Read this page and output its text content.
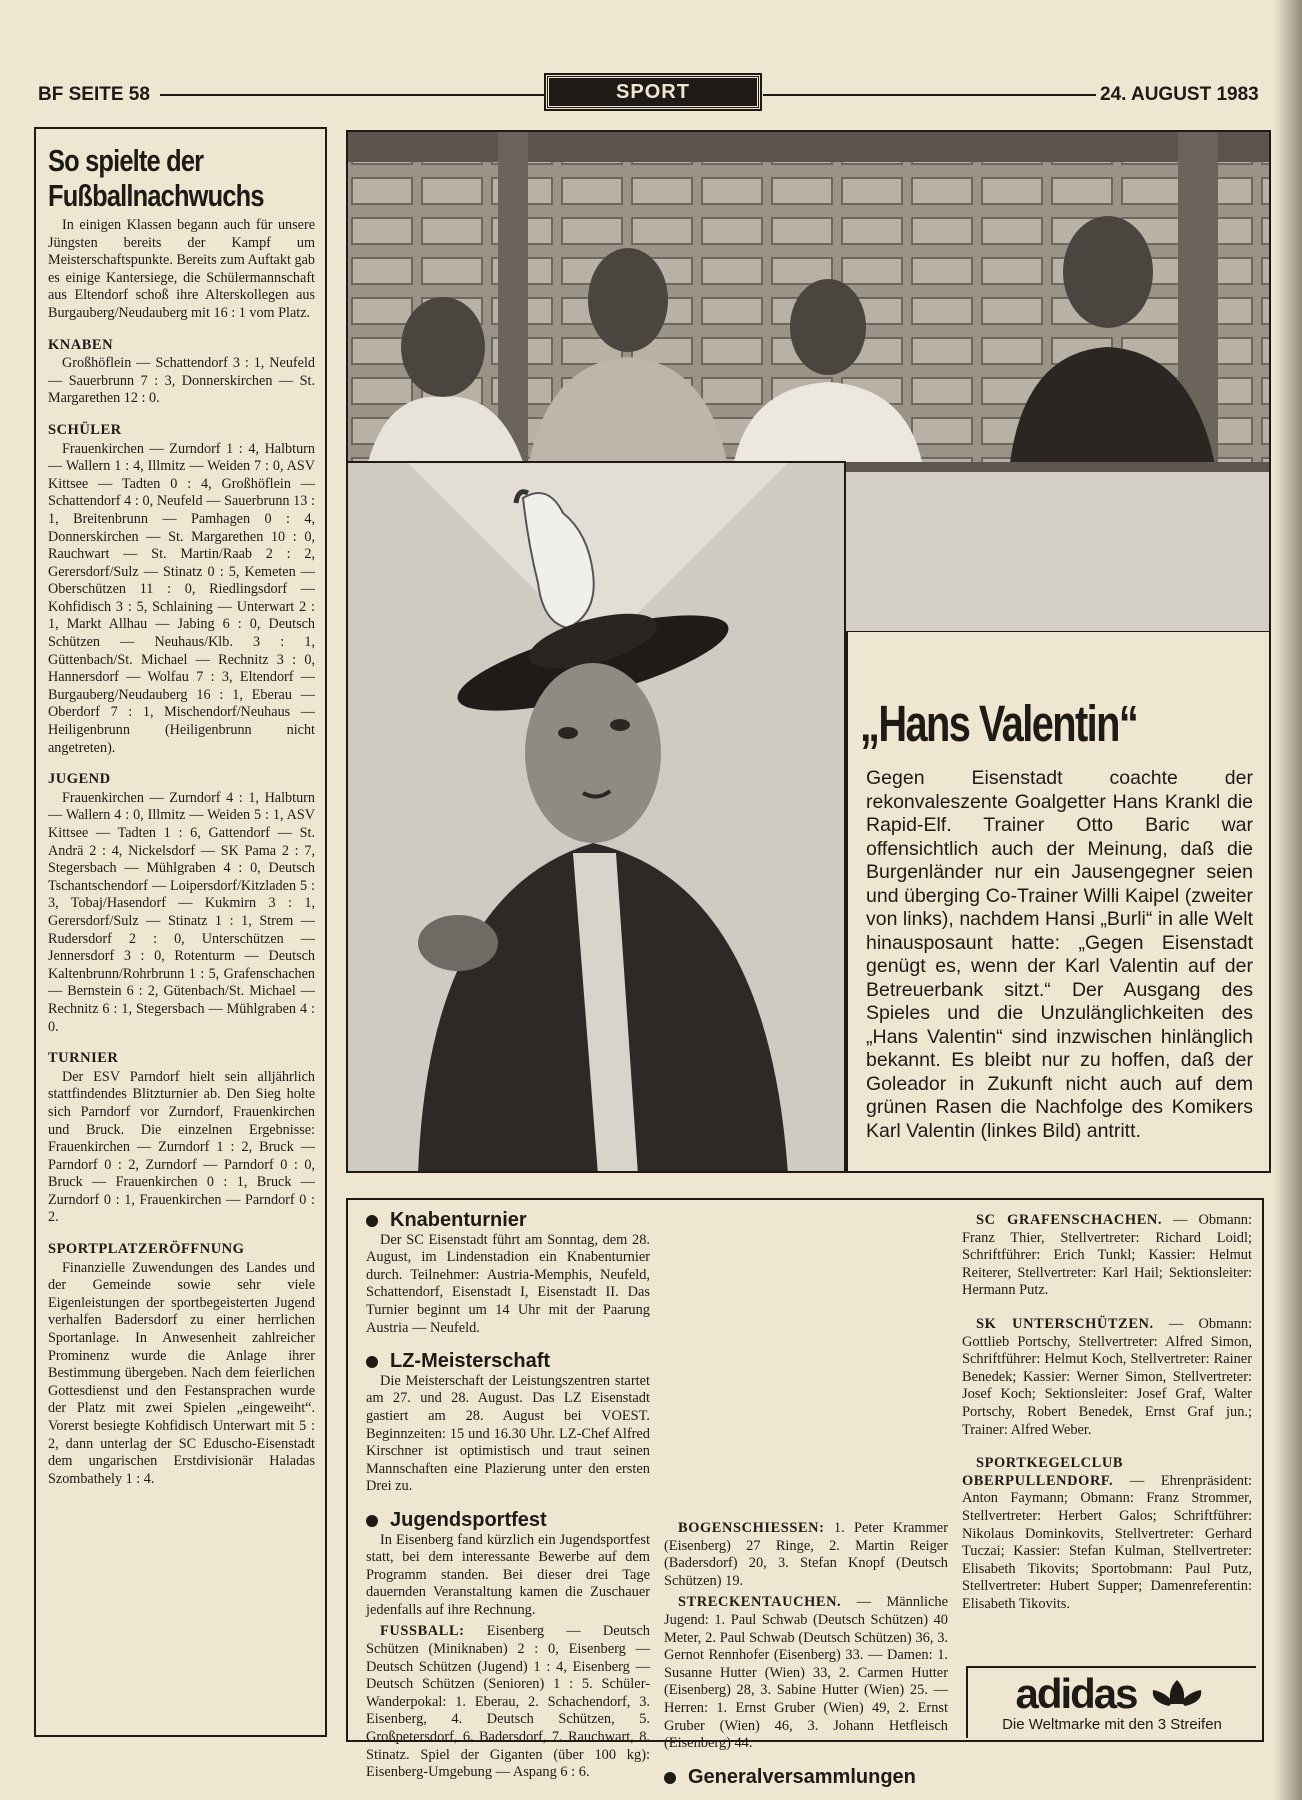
BF SEITE 58	SPORT	24. AUGUST 1983
So spielte der
Fußballnachwuchs

In einigen Klassen begann auch für unsere Jüngsten bereits der Kampf um Meisterschaftspunkte. Bereits zum Auftakt gab es einige Kantersiege, die Schülermannschaft aus Eltendorf schoß ihre Alterskollegen aus Burgauberg/Neudauberg mit 16 : 1 vom Platz.

KNABEN

Großhöflein — Schattendorf 3 : 1, Neufeld — Sauerbrunn 7 : 3, Donnerskirchen — St. Margarethen 12 : 0.

SCHÜLER

Frauenkirchen — Zurndorf 1 : 4, Halbturn — Wallern 1 : 4, Illmitz — Weiden 7 : 0, ASV Kittsee — Tadten 0 : 4, Großhöflein — Schattendorf 4 : 0, Neufeld — Sauerbrunn 13 : 1, Breitenbrunn — Pamhagen 0 : 4, Donnerskirchen — St. Margarethen 10 : 0, Rauchwart — St. Martin/Raab 2 : 2, Gerersdorf/Sulz — Stinatz 0 : 5, Kemeten — Oberschützen 11 : 0, Riedlingsdorf — Kohfidisch 3 : 5, Schlaining — Unterwart 2 : 1, Markt Allhau — Jabing 6 : 0, Deutsch Schützen — Neuhaus/Klb. 3 : 1, Güttenbach/St. Michael — Rechnitz 3 : 0, Hannersdorf — Wolfau 7 : 3, Eltendorf — Burgauberg/Neudauberg 16 : 1, Eberau — Oberdorf 7 : 1, Mischendorf/Neuhaus — Heiligenbrunn (Heiligenbrunn nicht angetreten).

JUGEND

Frauenkirchen — Zurndorf 4 : 1, Halbturn — Wallern 4 : 0, Illmitz — Weiden 5 : 1, ASV Kittsee — Tadten 1 : 6, Gattendorf — St. Andrä 2 : 4, Nickelsdorf — SK Pama 2 : 7, Stegersbach — Mühlgraben 4 : 0, Deutsch Tschantschendorf — Loipersdorf/Kitzladen 5 : 3, Tobaj/Hasendorf — Kukmirn 3 : 1, Gerersdorf/Sulz — Stinatz 1 : 1, Strem — Rudersdorf 2 : 0, Unterschützen — Jennersdorf 3 : 0, Rotenturm — Deutsch Kaltenbrunn/Rohrbrunn 1 : 5, Grafenschachen — Bernstein 6 : 2, Gütenbach/St. Michael — Rechnitz 6 : 1, Stegersbach — Mühlgraben 4 : 0.

TURNIER

Der ESV Parndorf hielt sein alljährlich stattfindendes Blitzturnier ab. Den Sieg holte sich Parndorf vor Zurndorf, Frauenkirchen und Bruck. Die einzelnen Ergebnisse: Frauenkirchen — Zurndorf 1 : 2, Bruck — Parndorf 0 : 2, Zurndorf — Parndorf 0 : 0, Bruck — Frauenkirchen 0 : 1, Bruck — Zurndorf 0 : 1, Frauenkirchen — Parndorf 0 : 2.

SPORTPLATZERÖFFNUNG

Finanzielle Zuwendungen des Landes und der Gemeinde sowie sehr viele Eigenleistungen der sportbegeisterten Jugend verhalfen Badersdorf zu einer herrlichen Sportanlage. In Anwesenheit zahlreicher Prominenz wurde die Anlage ihrer Bestimmung übergeben. Nach dem feierlichen Gottesdienst und den Festansprachen wurde der Platz mit zwei Spielen „eingeweiht“. Vorerst besiegte Kohfidisch Unterwart mit 5 : 2, dann unterlag der SC Eduscho-Eisenstadt dem ungarischen Erstdivisionär Haladas Szombathely 1 : 4.

„Hans Valentin“

Gegen Eisenstadt coachte der rekonvaleszente Goalgetter Hans Krankl die Rapid-Elf. Trainer Otto Baric war offensichtlich auch der Meinung, daß die Burgenländer nur ein Jausengegner seien und überging Co-Trainer Willi Kaipel (zweiter von links), nachdem Hansi „Burli“ in alle Welt hinausposaunt hatte: „Gegen Eisenstadt genügt es, wenn der Karl Valentin auf der Betreuerbank sitzt.“ Der Ausgang des Spieles und die Unzulänglichkeiten des „Hans Valentin“ sind inzwischen hinlänglich bekannt. Es bleibt nur zu hoffen, daß der Goleador in Zukunft nicht auch auf dem grünen Rasen die Nachfolge des Komikers Karl Valentin (linkes Bild) antritt.

Knabenturnier

Der SC Eisenstadt führt am Sonntag, dem 28. August, im Lindenstadion ein Knabenturnier durch. Teilnehmer: Austria-Memphis, Neufeld, Schattendorf, Eisenstadt I, Eisenstadt II. Das Turnier beginnt um 14 Uhr mit der Paarung Austria — Neufeld.

LZ-Meisterschaft

Die Meisterschaft der Leistungszentren startet am 27. und 28. August. Das LZ Eisenstadt gastiert am 28. August bei VOEST. Beginnzeiten: 15 und 16.30 Uhr. LZ-Chef Alfred Kirschner ist optimistisch und traut seinen Mannschaften eine Plazierung unter den ersten Drei zu.

Jugendsportfest

In Eisenberg fand kürzlich ein Jugendsportfest statt, bei dem interessante Bewerbe auf dem Programm standen. Bei dieser drei Tage dauernden Veranstaltung kamen die Zuschauer jedenfalls auf ihre Rechnung.

FUSSBALL: Eisenberg — Deutsch Schützen (Miniknaben) 2 : 0, Eisenberg — Deutsch Schützen (Jugend) 1 : 4, Eisenberg — Deutsch Schützen (Senioren) 1 : 5. Schüler-Wanderpokal: 1. Eberau, 2. Schachendorf, 3. Eisenberg, 4. Deutsch Schützen, 5. Großpetersdorf, 6. Badersdorf, 7. Rauchwart, 8. Stinatz. Spiel der Giganten (über 100 kg): Eisenberg-Umgebung — Aspang 6 : 6.

BOGENSCHIESSEN: 1. Peter Krammer (Eisenberg) 27 Ringe, 2. Martin Reiger (Badersdorf) 20, 3. Stefan Knopf (Deutsch Schützen) 19.

STRECKENTAUCHEN. — Männliche Jugend: 1. Paul Schwab (Deutsch Schützen) 40 Meter, 2. Paul Schwab (Deutsch Schützen) 36, 3. Gernot Rennhofer (Eisenberg) 33. — Damen: 1. Susanne Hutter (Wien) 33, 2. Carmen Hutter (Eisenberg) 28, 3. Sabine Hutter (Wien) 25. — Herren: 1. Ernst Gruber (Wien) 49, 2. Ernst Gruber (Wien) 46, 3. Johann Hetfleisch (Eisenberg) 44.

Generalversammlungen

SC GRAFENSCHACHEN. — Obmann: Franz Thier, Stellvertreter: Richard Loidl; Schriftführer: Erich Tunkl; Kassier: Helmut Reiterer, Stellvertreter: Karl Hail; Sektionsleiter: Hermann Putz.

SK UNTERSCHÜTZEN. — Obmann: Gottlieb Portschy, Stellvertreter: Alfred Simon, Schriftführer: Helmut Koch, Stellvertreter: Rainer Benedek; Kassier: Werner Simon, Stellvertreter: Josef Koch; Sektionsleiter: Josef Graf, Walter Portschy, Robert Benedek, Ernst Graf jun.; Trainer: Alfred Weber.

SPORTKEGELCLUB OBERPULLENDORF. — Ehrenpräsident: Anton Faymann; Obmann: Franz Strommer, Stellvertreter: Herbert Galos; Schriftführer: Nikolaus Dominkovits, Stellvertreter: Gerhard Tuczai; Kassier: Stefan Kulman, Stellvertreter: Elisabeth Tikovits; Sportobmann: Paul Putz, Stellvertreter: Hubert Supper; Damenreferentin: Elisabeth Tikovits.

adidas
Die Weltmarke mit den 3 Streifen
